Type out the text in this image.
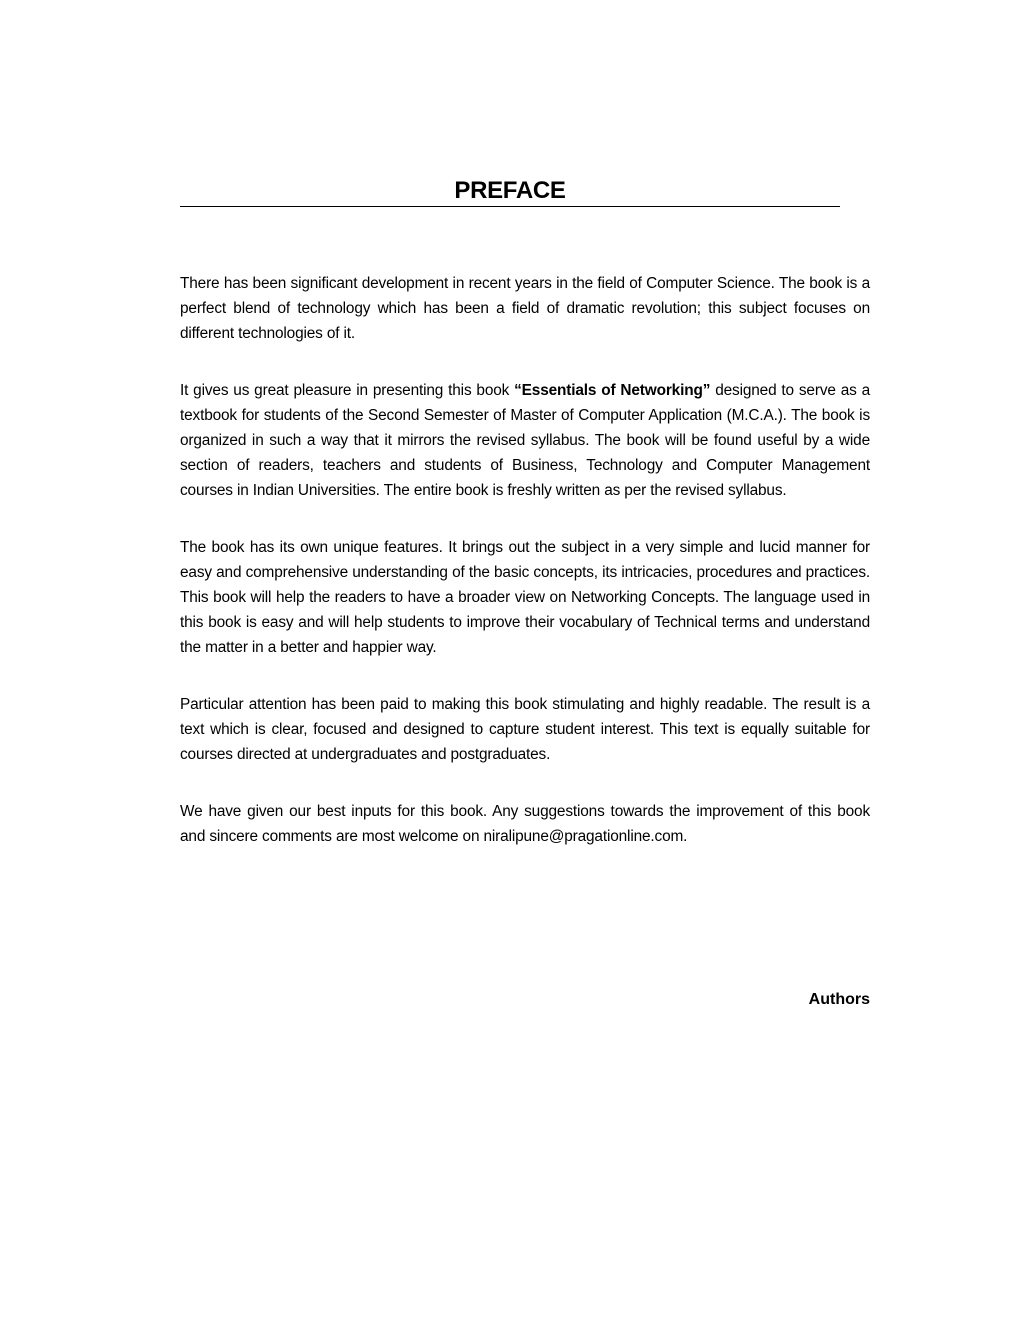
PREFACE

There has been significant development in recent years in the field of Computer Science. The book is a perfect blend of technology which has been a field of dramatic revolution; this subject focuses on different technologies of it.

It gives us great pleasure in presenting this book “Essentials of Networking” designed to serve as a textbook for students of the Second Semester of Master of Computer Application (M.C.A.). The book is organized in such a way that it mirrors the revised syllabus. The book will be found useful by a wide section of readers, teachers and students of Business, Technology and Computer Management courses in Indian Universities. The entire book is freshly written as per the revised syllabus.

The book has its own unique features. It brings out the subject in a very simple and lucid manner for easy and comprehensive understanding of the basic concepts, its intricacies, procedures and practices. This book will help the readers to have a broader view on Networking Concepts. The language used in this book is easy and will help students to improve their vocabulary of Technical terms and understand the matter in a better and happier way.

Particular attention has been paid to making this book stimulating and highly readable. The result is a text which is clear, focused and designed to capture student interest. This text is equally suitable for courses directed at undergraduates and postgraduates.

We have given our best inputs for this book. Any suggestions towards the improvement of this book and sincere comments are most welcome on niralipune@pragationline.com.

Authors
